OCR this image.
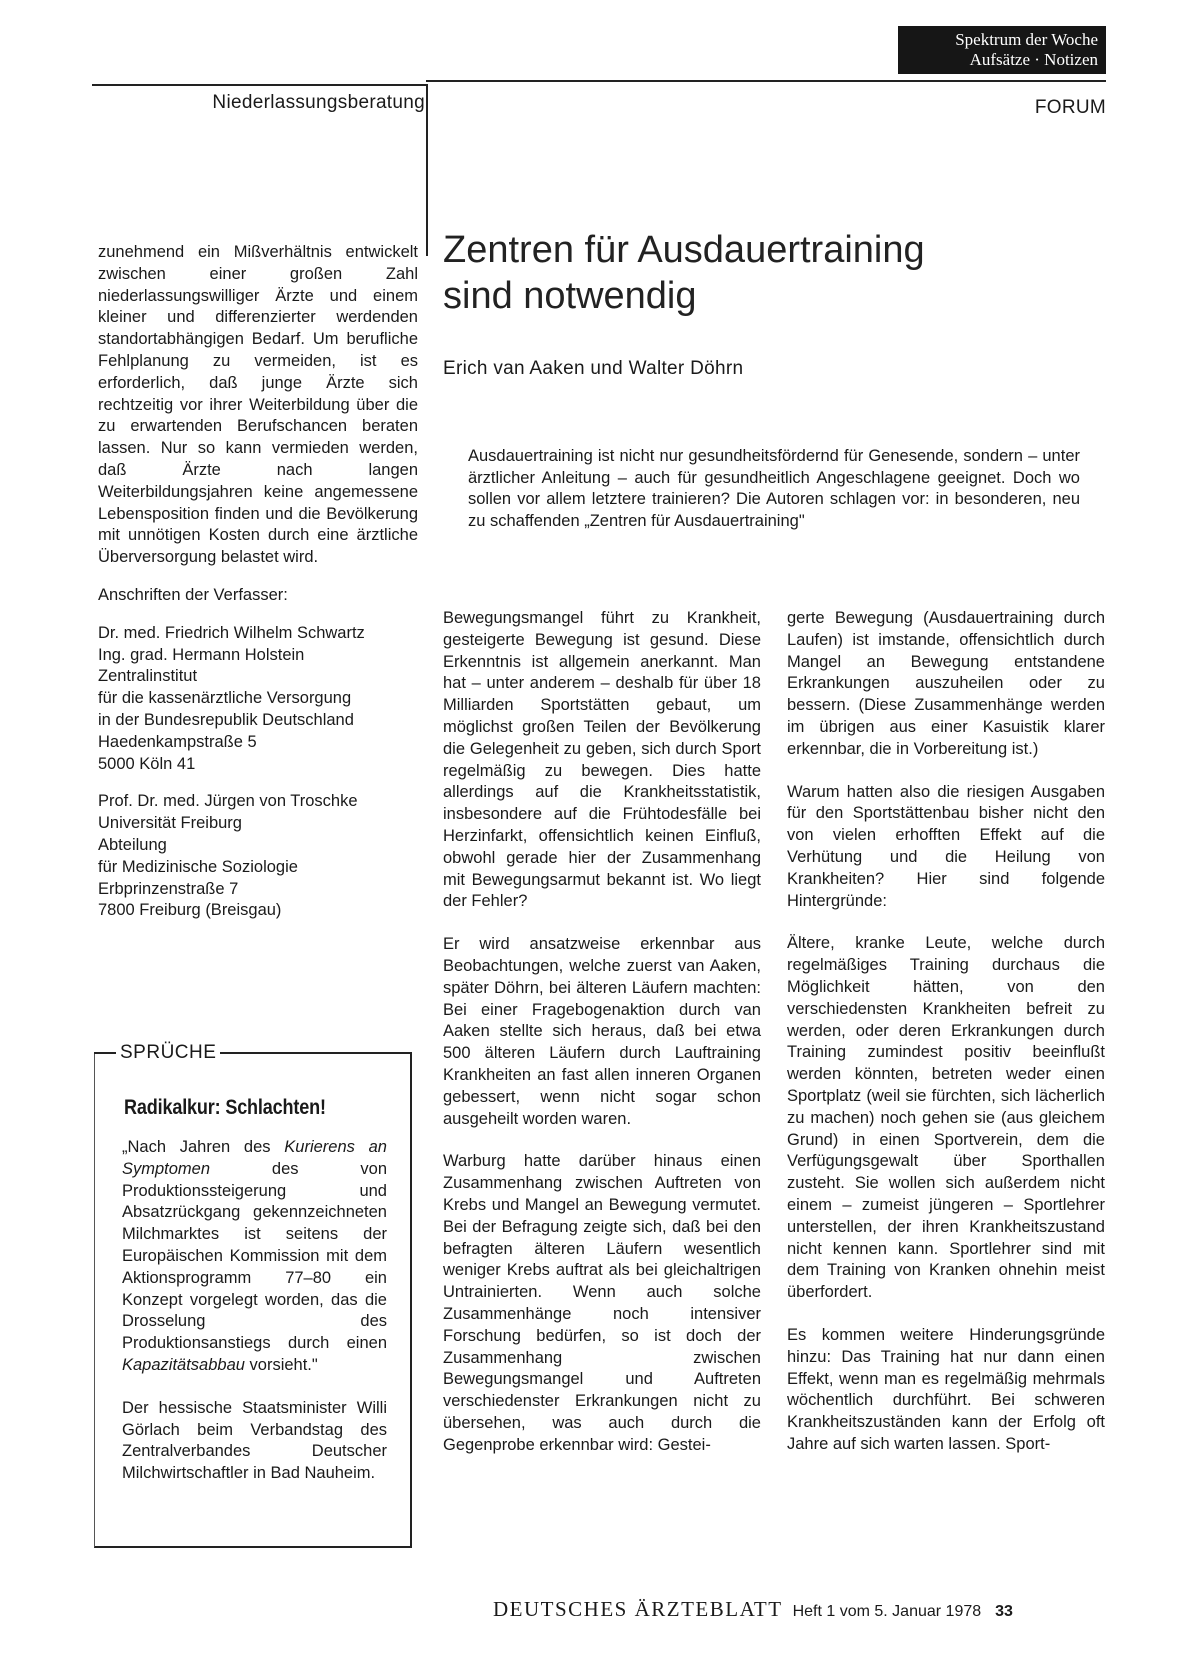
Spektrum der Woche
Aufsätze · Notizen
Niederlassungsberatung	FORUM

zunehmend ein Mißverhältnis entwickelt zwischen einer großen Zahl niederlassungswilliger Ärzte und einem kleiner und differenzierter werdenden standortabhängigen Bedarf. Um berufliche Fehlplanung zu vermeiden, ist es erforderlich, daß junge Ärzte sich rechtzeitig vor ihrer Weiterbildung über die zu erwartenden Berufschancen beraten lassen. Nur so kann vermieden werden, daß Ärzte nach langen Weiterbildungsjahren keine angemessene Lebensposition finden und die Bevölkerung mit unnötigen Kosten durch eine ärztliche Überversorgung belastet wird.

Anschriften der Verfasser:
Dr. med. Friedrich Wilhelm Schwartz
Ing. grad. Hermann Holstein
Zentralinstitut
für die kassenärztliche Versorgung
in der Bundesrepublik Deutschland
Haedenkampstraße 5
5000 Köln 41
Prof. Dr. med. Jürgen von Troschke
Universität Freiburg
Abteilung
für Medizinische Soziologie
Erbprinzenstraße 7
7800 Freiburg (Breisgau)
SPRÜCHE
Radikalkur: Schlachten!

„Nach Jahren des Kurierens an Symptomen des von Produktionssteigerung und Absatzrückgang gekennzeichneten Milchmarktes ist seitens der Europäischen Kommission mit dem Aktionsprogramm 77–80 ein Konzept vorgelegt worden, das die Drosselung des Produktionsanstiegs durch einen Kapazitätsabbau vorsieht."

Der hessische Staatsminister Willi Görlach beim Verbandstag des Zentralverbandes Deutscher Milchwirtschaftler in Bad Nauheim.

Zentren für Ausdauertraining
sind notwendig
Erich van Aaken und Walter Döhrn
Ausdauertraining ist nicht nur gesundheitsfördernd für Genesende, sondern – unter ärztlicher Anleitung – auch für gesundheitlich Angeschlagene geeignet. Doch wo sollen vor allem letztere trainieren? Die Autoren schlagen vor: in besonderen, neu zu schaffenden „Zentren für Ausdauertraining"

Bewegungsmangel führt zu Krankheit, gesteigerte Bewegung ist gesund. Diese Erkenntnis ist allgemein anerkannt. Man hat – unter anderem – deshalb für über 18 Milliarden Sportstätten gebaut, um möglichst großen Teilen der Bevölkerung die Gelegenheit zu geben, sich durch Sport regelmäßig zu bewegen. Dies hatte allerdings auf die Krankheitsstatistik, insbesondere auf die Frühtodesfälle bei Herzinfarkt, offensichtlich keinen Einfluß, obwohl gerade hier der Zusammenhang mit Bewegungsarmut bekannt ist. Wo liegt der Fehler?

Er wird ansatzweise erkennbar aus Beobachtungen, welche zuerst van Aaken, später Döhrn, bei älteren Läufern machten: Bei einer Fragebogenaktion durch van Aaken stellte sich heraus, daß bei etwa 500 älteren Läufern durch Lauftraining Krankheiten an fast allen inneren Organen gebessert, wenn nicht sogar schon ausgeheilt worden waren.

Warburg hatte darüber hinaus einen Zusammenhang zwischen Auftreten von Krebs und Mangel an Bewegung vermutet. Bei der Befragung zeigte sich, daß bei den befragten älteren Läufern wesentlich weniger Krebs auftrat als bei gleichaltrigen Untrainierten. Wenn auch solche Zusammenhänge noch intensiver Forschung bedürfen, so ist doch der Zusammenhang zwischen Bewegungsmangel und Auftreten verschiedenster Erkrankungen nicht zu übersehen, was auch durch die Gegenprobe erkennbar wird: Gestei-

gerte Bewegung (Ausdauertraining durch Laufen) ist imstande, offensichtlich durch Mangel an Bewegung entstandene Erkrankungen auszuheilen oder zu bessern. (Diese Zusammenhänge werden im übrigen aus einer Kasuistik klarer erkennbar, die in Vorbereitung ist.)

Warum hatten also die riesigen Ausgaben für den Sportstättenbau bisher nicht den von vielen erhofften Effekt auf die Verhütung und die Heilung von Krankheiten? Hier sind folgende Hintergründe:

Ältere, kranke Leute, welche durch regelmäßiges Training durchaus die Möglichkeit hätten, von den verschiedensten Krankheiten befreit zu werden, oder deren Erkrankungen durch Training zumindest positiv beeinflußt werden könnten, betreten weder einen Sportplatz (weil sie fürchten, sich lächerlich zu machen) noch gehen sie (aus gleichem Grund) in einen Sportverein, dem die Verfügungsgewalt über Sporthallen zusteht. Sie wollen sich außerdem nicht einem – zumeist jüngeren – Sportlehrer unterstellen, der ihren Krankheitszustand nicht kennen kann. Sportlehrer sind mit dem Training von Kranken ohnehin meist überfordert.

Es kommen weitere Hinderungsgründe hinzu: Das Training hat nur dann einen Effekt, wenn man es regelmäßig mehrmals wöchentlich durchführt. Bei schweren Krankheitszuständen kann der Erfolg oft Jahre auf sich warten lassen. Sport-

DEUTSCHES ÄRZTEBLATT Heft 1 vom 5. Januar 1978 33
